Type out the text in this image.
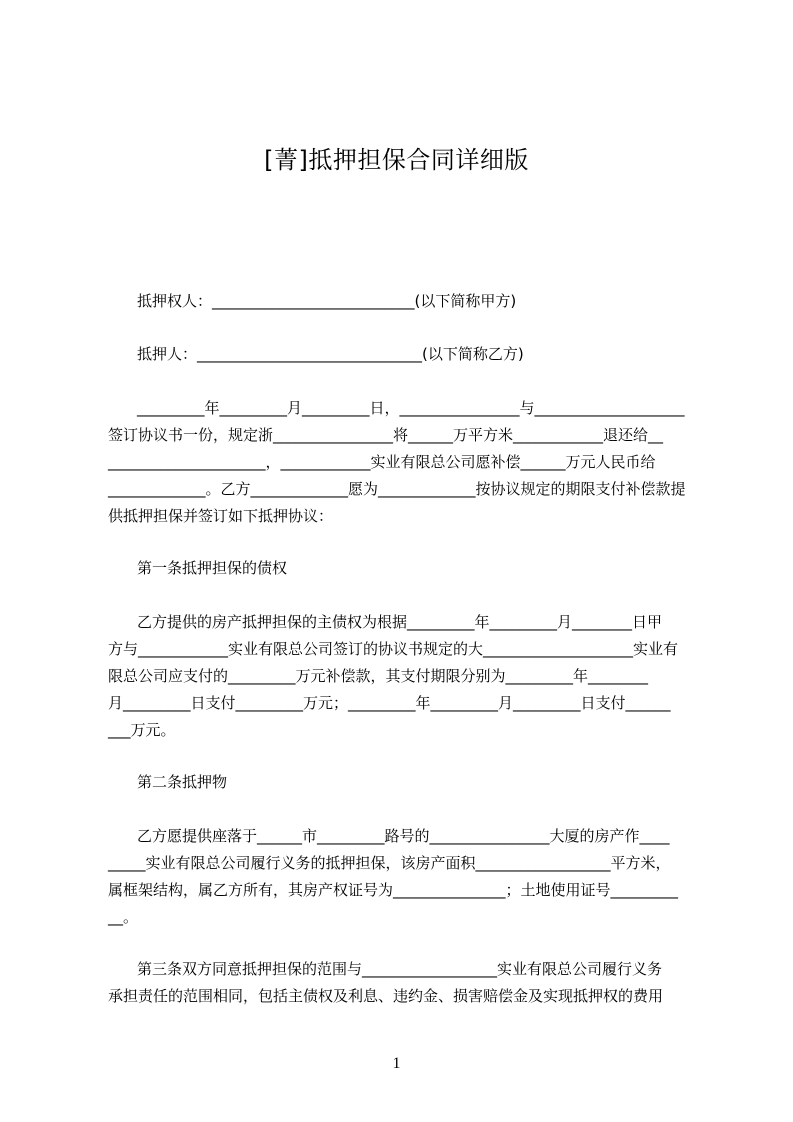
[菁]抵押担保合同详细版

抵押权人：___________________________(以下简称甲方)

抵押人：______________________________(以下简称乙方)

_________年_________月_________日，________________与____________________

签订协议书一份，规定浙________________将______万平方米____________退还给__

_____________________，____________实业有限总公司愿补偿______万元人民币给

_____________。乙方_____________愿为_____________按协议规定的期限支付补偿款提

供抵押担保并签订如下抵押协议：

第一条抵押担保的债权

乙方提供的房产抵押担保的主债权为根据_________年_________月________日甲

方与____________实业有限总公司签订的协议书规定的大____________________实业有

限总公司应支付的_________万元补偿款，其支付期限分别为_________年________

月_________日支付_________万元；_________年_________月_________日支付______

___万元。

第二条抵押物

乙方愿提供座落于______市_________路号的________________大厦的房产作____

_____实业有限总公司履行义务的抵押担保，该房产面积__________________平方米，

属框架结构，属乙方所有，其房产权证号为_______________；土地使用证号_________

__。

第三条双方同意抵押担保的范围与__________________实业有限总公司履行义务

承担责任的范围相同，包括主债权及利息、违约金、损害赔偿金及实现抵押权的费用

1
